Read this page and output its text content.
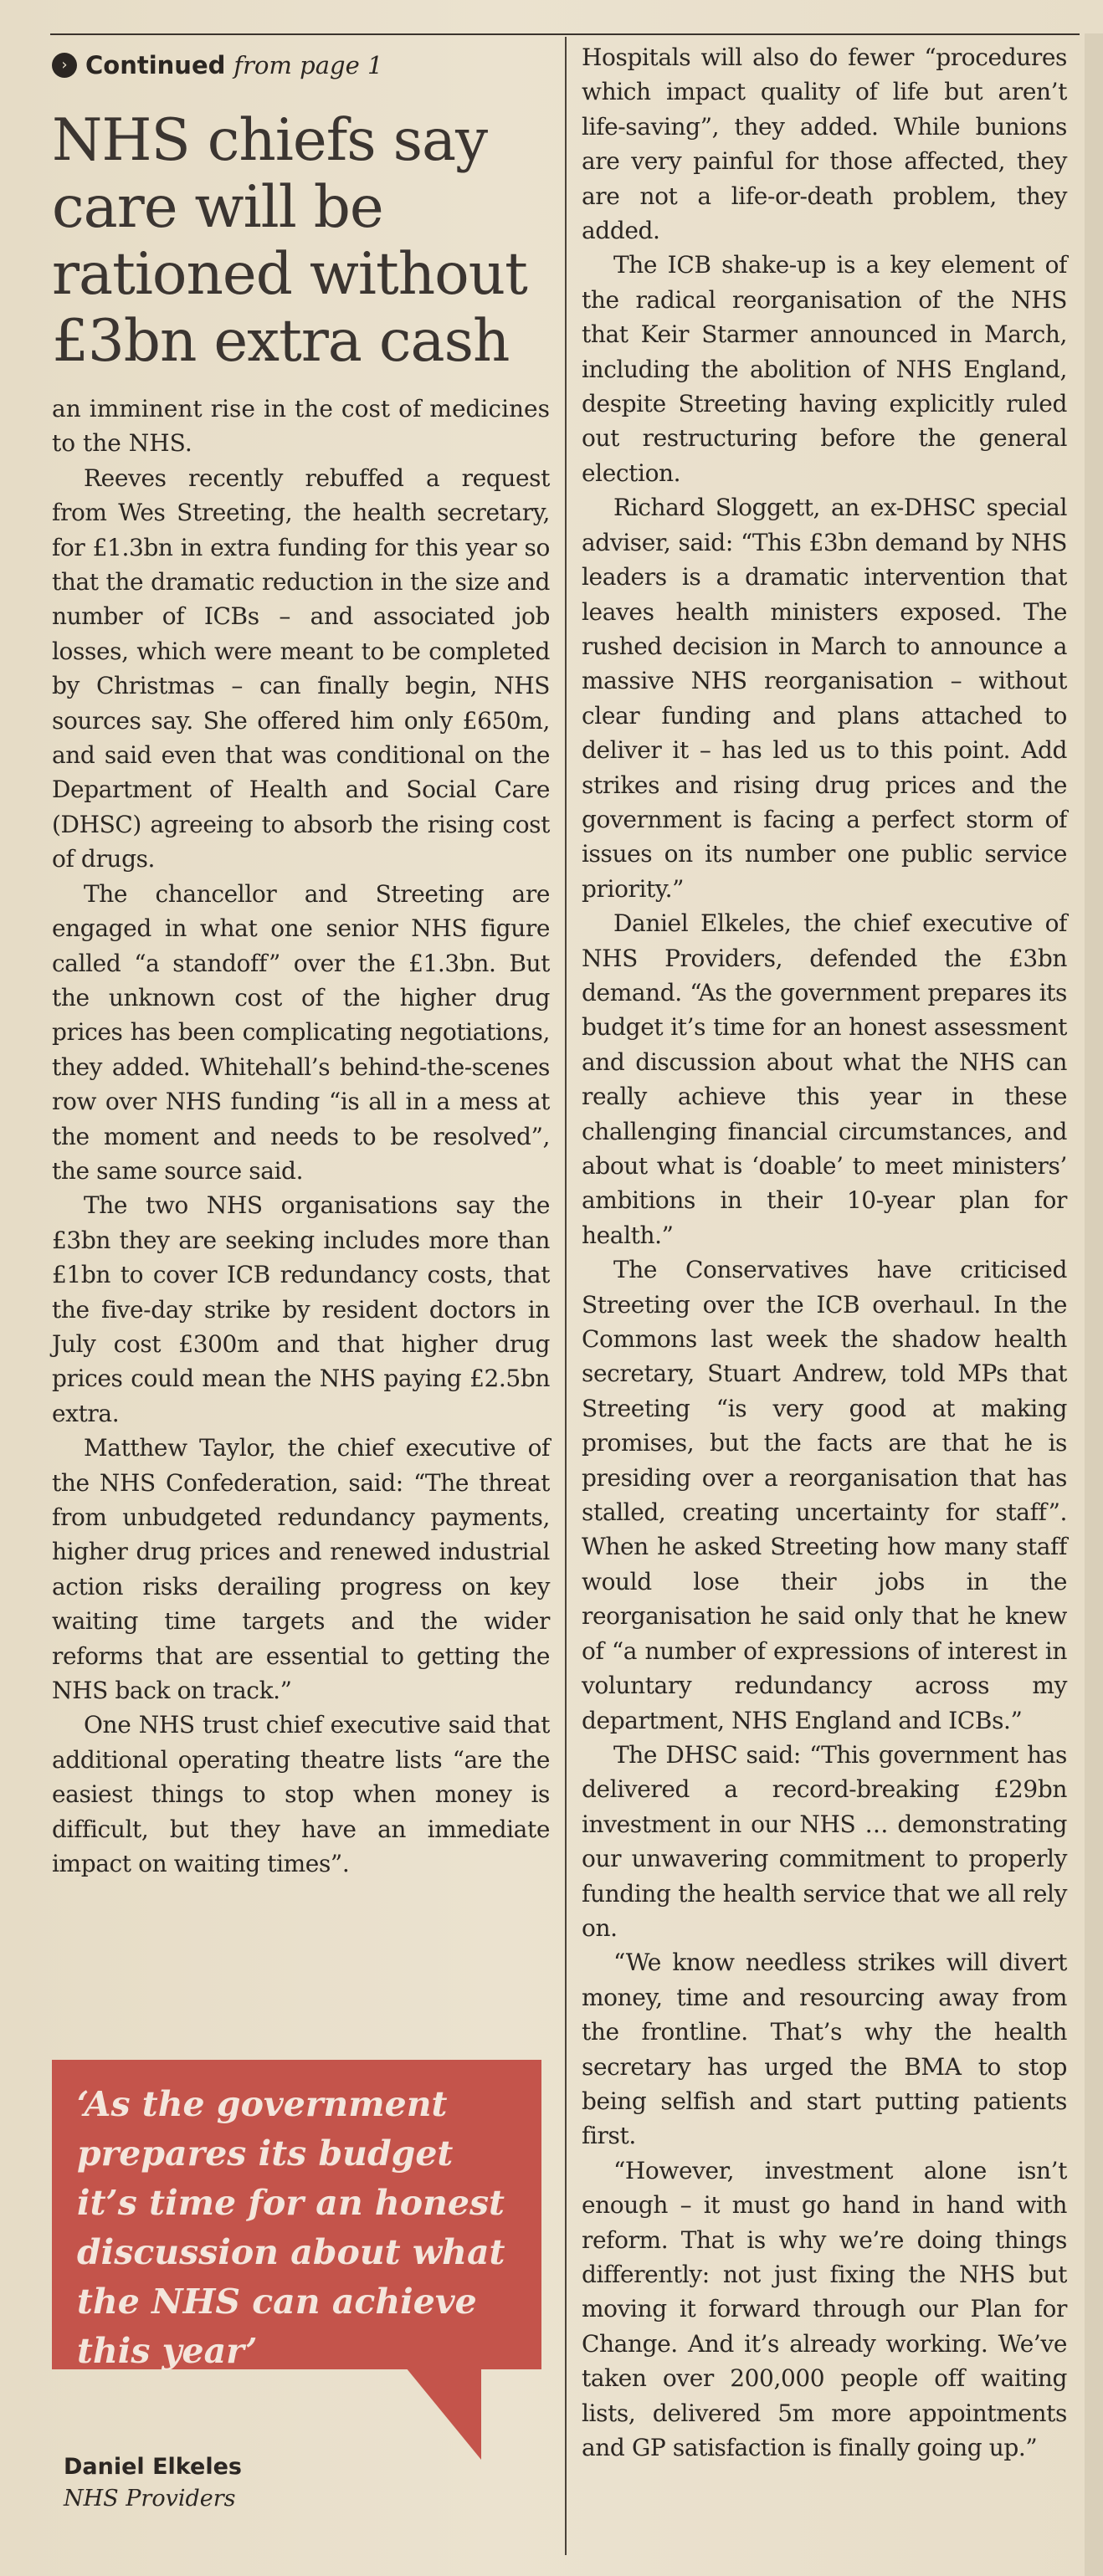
› Continued from page 1
NHS chiefs say care will be rationed without £3bn extra cash

an imminent rise in the cost of medicines to the NHS.

Reeves recently rebuffed a request from Wes Streeting, the health secretary, for £1.3bn in extra funding for this year so that the dramatic reduction in the size and number of ICBs – and associated job losses, which were meant to be completed by Christmas – can finally begin, NHS sources say. She offered him only £650m, and said even that was conditional on the Department of Health and Social Care (DHSC) agreeing to absorb the rising cost of drugs.

The chancellor and Streeting are engaged in what one senior NHS figure called “a standoff” over the £1.3bn. But the unknown cost of the higher drug prices has been complicating negotiations, they added. Whitehall’s behind-the-scenes row over NHS funding “is all in a mess at the moment and needs to be resolved”, the same source said.

The two NHS organisations say the £3bn they are seeking includes more than £1bn to cover ICB redundancy costs, that the five-day strike by resident doctors in July cost £300m and that higher drug prices could mean the NHS paying £2.5bn extra.

Matthew Taylor, the chief executive of the NHS Confederation, said: “The threat from unbudgeted redundancy payments, higher drug prices and renewed industrial action risks derailing progress on key waiting time targets and the wider reforms that are essential to getting the NHS back on track.”

One NHS trust chief executive said that additional operating theatre lists “are the easiest things to stop when money is difficult, but they have an immediate impact on waiting times”.

‘As the government prepares its budget it’s time for an honest discussion about what the NHS can achieve this year’
Daniel Elkeles
NHS Providers

Hospitals will also do fewer “procedures which impact quality of life but aren’t life-saving”, they added. While bunions are very painful for those affected, they are not a life-or-death problem, they added.

The ICB shake-up is a key element of the radical reorganisation of the NHS that Keir Starmer announced in March, including the abolition of NHS England, despite Streeting having explicitly ruled out restructuring before the general election.

Richard Sloggett, an ex-DHSC special adviser, said: “This £3bn demand by NHS leaders is a dramatic intervention that leaves health ministers exposed. The rushed decision in March to announce a massive NHS reorganisation – without clear funding and plans attached to deliver it – has led us to this point. Add strikes and rising drug prices and the government is facing a perfect storm of issues on its number one public service priority.”

Daniel Elkeles, the chief executive of NHS Providers, defended the £3bn demand. “As the government prepares its budget it’s time for an honest assessment and discussion about what the NHS can really achieve this year in these challenging financial circumstances, and about what is ‘doable’ to meet ministers’ ambitions in their 10-year plan for health.”

The Conservatives have criticised Streeting over the ICB overhaul. In the Commons last week the shadow health secretary, Stuart Andrew, told MPs that Streeting “is very good at making promises, but the facts are that he is presiding over a reorganisation that has stalled, creating uncertainty for staff”. When he asked Streeting how many staff would lose their jobs in the reorganisation he said only that he knew of “a number of expressions of interest in voluntary redundancy across my department, NHS England and ICBs.”

The DHSC said: “This government has delivered a record-breaking £29bn investment in our NHS … demonstrating our unwavering commitment to properly funding the health service that we all rely on.

“We know needless strikes will divert money, time and resourcing away from the frontline. That’s why the health secretary has urged the BMA to stop being selfish and start putting patients first.

“However, investment alone isn’t enough – it must go hand in hand with reform. That is why we’re doing things differently: not just fixing the NHS but moving it forward through our Plan for Change. And it’s already working. We’ve taken over 200,000 people off waiting lists, delivered 5m more appointments and GP satisfaction is finally going up.”
